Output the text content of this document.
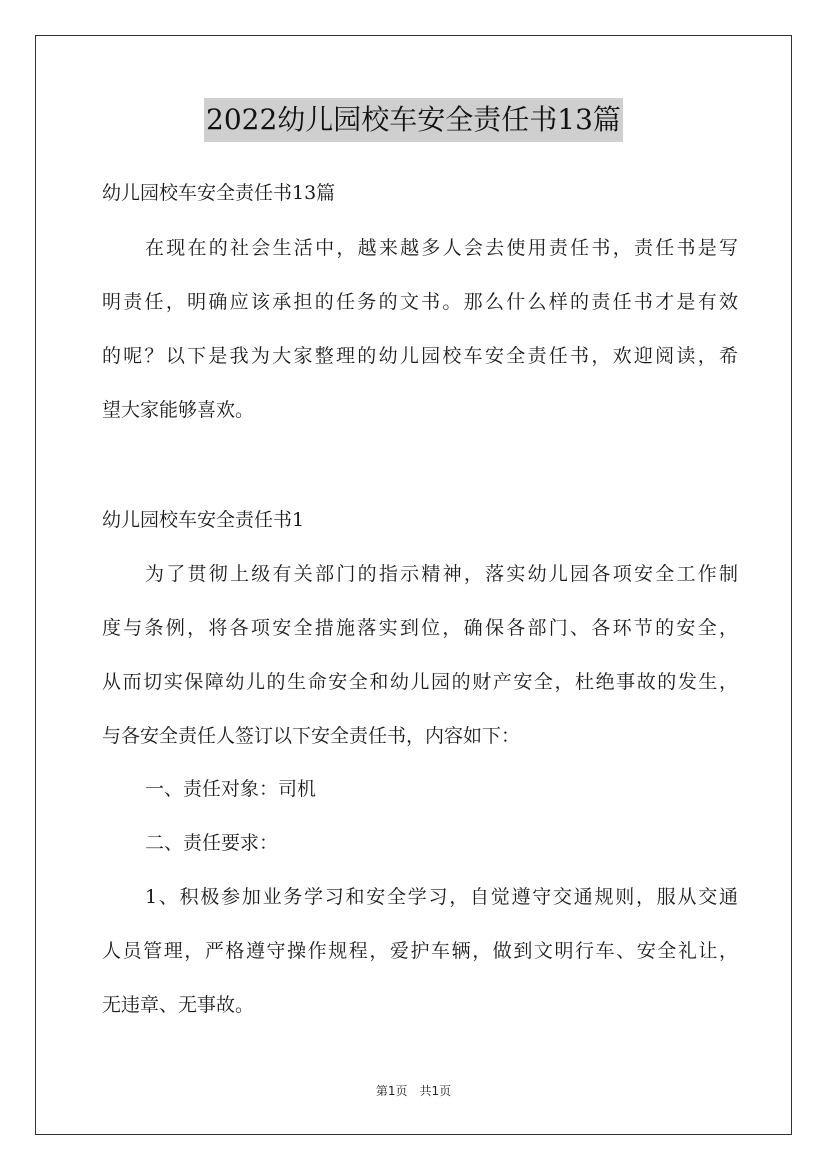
2022幼儿园校车安全责任书13篇
幼儿园校车安全责任书13篇
在现在的社会生活中，越来越多人会去使用责任书，责任书是写
明责任，明确应该承担的任务的文书。那么什么样的责任书才是有效
的呢？以下是我为大家整理的幼儿园校车安全责任书，欢迎阅读，希
望大家能够喜欢。
幼儿园校车安全责任书1
为了贯彻上级有关部门的指示精神，落实幼儿园各项安全工作制
度与条例，将各项安全措施落实到位，确保各部门、各环节的安全，
从而切实保障幼儿的生命安全和幼儿园的财产安全，杜绝事故的发生，
与各安全责任人签订以下安全责任书，内容如下：
一、责任对象：司机
二、责任要求：
1、积极参加业务学习和安全学习，自觉遵守交通规则，服从交通
人员管理，严格遵守操作规程，爱护车辆，做到文明行车、安全礼让，
无违章、无事故。
第1页　共1页
